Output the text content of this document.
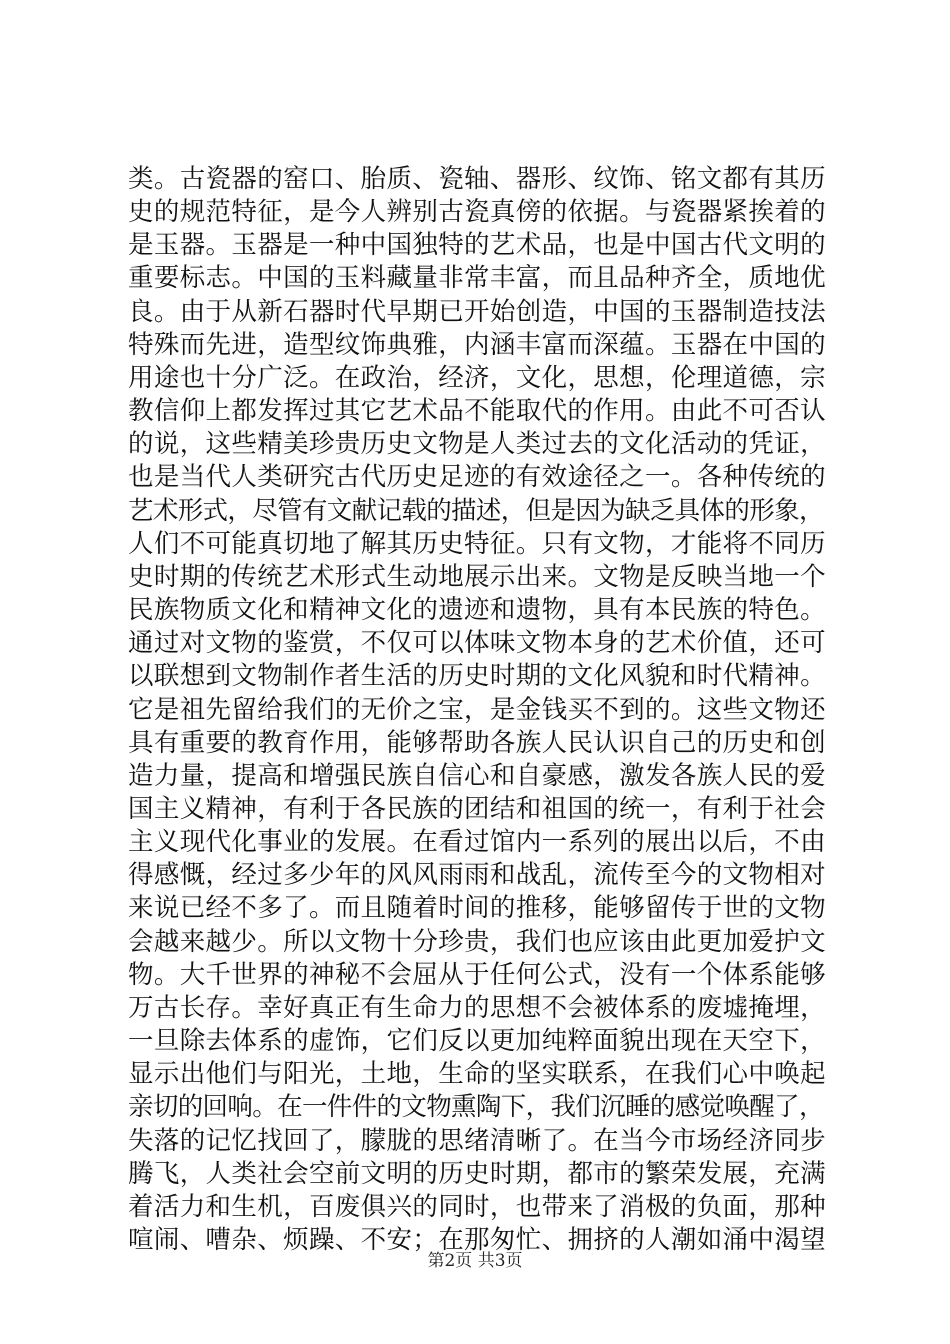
类。古瓷器的窑口、胎质、瓷轴、器形、纹饰、铭文都有其历
史的规范特征，是今人辨别古瓷真傍的依据。与瓷器紧挨着的
是玉器。玉器是一种中国独特的艺术品，也是中国古代文明的
重要标志。中国的玉料藏量非常丰富，而且品种齐全，质地优
良。由于从新石器时代早期已开始创造，中国的玉器制造技法
特殊而先进，造型纹饰典雅，内涵丰富而深蕴。玉器在中国的
用途也十分广泛。在政治，经济，文化，思想，伦理道德，宗
教信仰上都发挥过其它艺术品不能取代的作用。由此不可否认
的说，这些精美珍贵历史文物是人类过去的文化活动的凭证，
也是当代人类研究古代历史足迹的有效途径之一。各种传统的
艺术形式，尽管有文献记载的描述，但是因为缺乏具体的形象，
人们不可能真切地了解其历史特征。只有文物，才能将不同历
史时期的传统艺术形式生动地展示出来。文物是反映当地一个
民族物质文化和精神文化的遗迹和遗物，具有本民族的特色。
通过对文物的鉴赏，不仅可以体味文物本身的艺术价值，还可
以联想到文物制作者生活的历史时期的文化风貌和时代精神。
它是祖先留给我们的无价之宝，是金钱买不到的。这些文物还
具有重要的教育作用，能够帮助各族人民认识自己的历史和创
造力量，提高和增强民族自信心和自豪感，激发各族人民的爱
国主义精神，有利于各民族的团结和祖国的统一，有利于社会
主义现代化事业的发展。在看过馆内一系列的展出以后，不由
得感慨，经过多少年的风风雨雨和战乱，流传至今的文物相对
来说已经不多了。而且随着时间的推移，能够留传于世的文物
会越来越少。所以文物十分珍贵，我们也应该由此更加爱护文
物。大千世界的神秘不会屈从于任何公式，没有一个体系能够
万古长存。幸好真正有生命力的思想不会被体系的废墟掩埋，
一旦除去体系的虚饰，它们反以更加纯粹面貌出现在天空下，
显示出他们与阳光，土地，生命的坚实联系，在我们心中唤起
亲切的回响。在一件件的文物熏陶下，我们沉睡的感觉唤醒了，
失落的记忆找回了，朦胧的思绪清晰了。在当今市场经济同步
腾飞，人类社会空前文明的历史时期，都市的繁荣发展，充满
着活力和生机，百废俱兴的同时，也带来了消极的负面，那种
喧闹、嘈杂、烦躁、不安；在那匆忙、拥挤的人潮如涌中渴望
第2页 共3页
